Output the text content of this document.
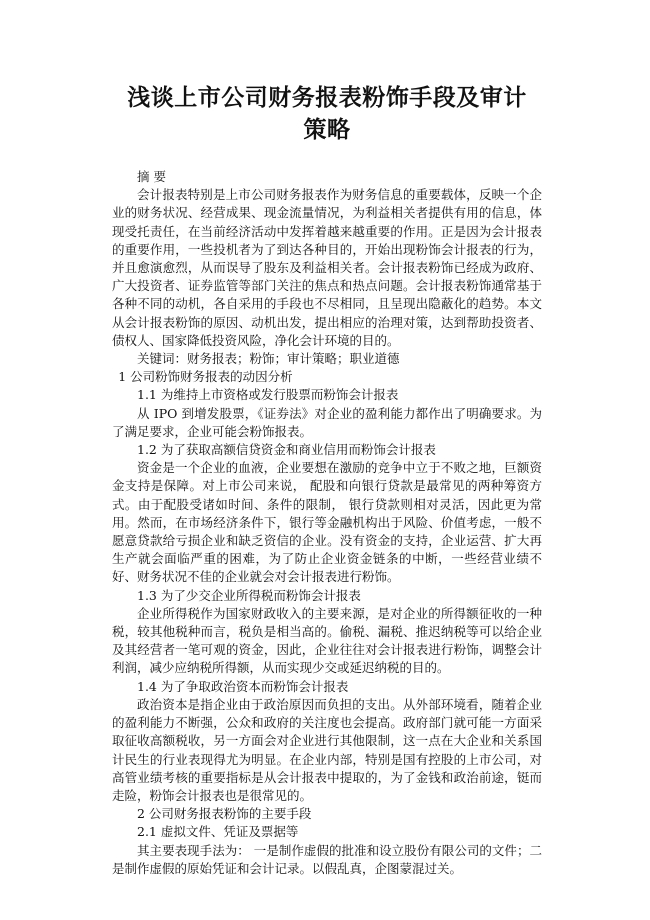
浅谈上市公司财务报表粉饰手段及审计
策略

摘 要

会计报表特别是上市公司财务报表作为财务信息的重要载体，反映一个企业的财务状况、经营成果、现金流量情况，为利益相关者提供有用的信息，体现受托责任，在当前经济活动中发挥着越来越重要的作用。正是因为会计报表的重要作用，一些投机者为了到达各种目的，开始出现粉饰会计报表的行为，并且愈演愈烈，从而误导了股东及利益相关者。会计报表粉饰已经成为政府、广大投资者、证券监管等部门关注的焦点和热点问题。会计报表粉饰通常基于各种不同的动机，各自采用的手段也不尽相同，且呈现出隐蔽化的趋势。本文从会计报表粉饰的原因、动机出发，提出相应的治理对策，达到帮助投资者、债权人、国家降低投资风险，净化会计环境的目的。

关键词：财务报表；粉饰；审计策略；职业道德

1 公司粉饰财务报表的动因分析

1.1 为维持上市资格或发行股票而粉饰会计报表

从 IPO 到增发股票，《证券法》对企业的盈利能力都作出了明确要求。为了满足要求，企业可能会粉饰报表。

1.2 为了获取高额信贷资金和商业信用而粉饰会计报表

资金是一个企业的血液，企业要想在激励的竞争中立于不败之地，巨额资金支持是保障。对上市公司来说， 配股和向银行贷款是最常见的两种筹资方式。由于配股受诸如时间、条件的限制， 银行贷款则相对灵活，因此更为常用。然而，在市场经济条件下，银行等金融机构出于风险、价值考虑，一般不愿意贷款给亏损企业和缺乏资信的企业。没有资金的支持，企业运营、扩大再生产就会面临严重的困难，为了防止企业资金链条的中断，一些经营业绩不好、财务状况不佳的企业就会对会计报表进行粉饰。

1.3 为了少交企业所得税而粉饰会计报表

企业所得税作为国家财政收入的主要来源，是对企业的所得额征收的一种税，较其他税种而言，税负是相当高的。偷税、漏税、推迟纳税等可以给企业及其经营者一笔可观的资金，因此，企业往往对会计报表进行粉饰，调整会计利润，减少应纳税所得额，从而实现少交或延迟纳税的目的。

1.4 为了争取政治资本而粉饰会计报表

政治资本是指企业由于政治原因而负担的支出。从外部环境看，随着企业的盈利能力不断强，公众和政府的关注度也会提高。政府部门就可能一方面采取征收高额税收，另一方面会对企业进行其他限制，这一点在大企业和关系国计民生的行业表现得尤为明显。在企业内部，特别是国有控股的上市公司，对高管业绩考核的重要指标是从会计报表中提取的，为了金钱和政治前途，铤而走险，粉饰会计报表也是很常见的。

2 公司财务报表粉饰的主要手段

2.1 虚拟文件、凭证及票据等

其主要表现手法为： 一是制作虚假的批准和设立股份有限公司的文件；二是制作虚假的原始凭证和会计记录。以假乱真，企图蒙混过关。
